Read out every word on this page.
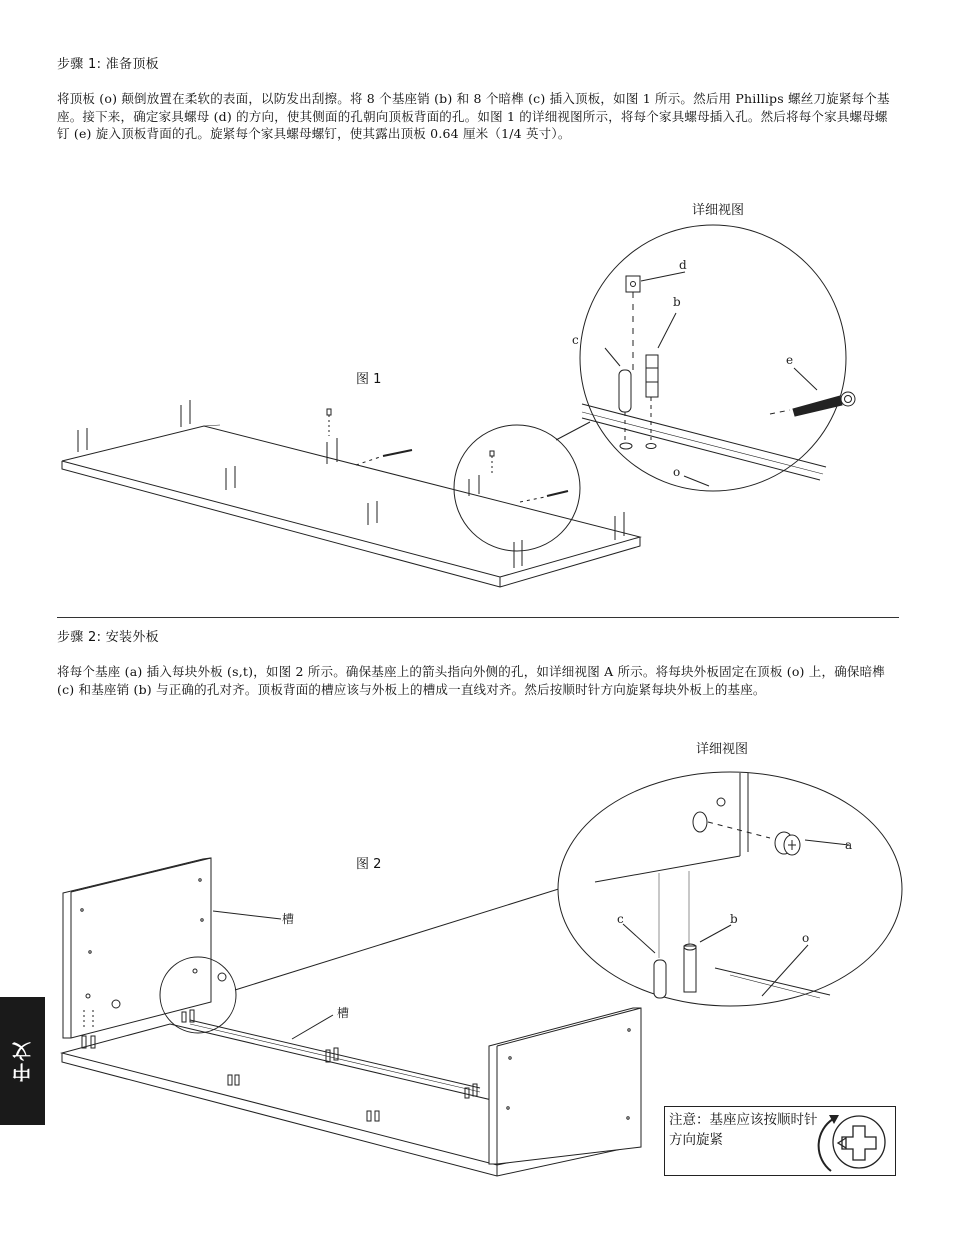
步骤 1: 准备顶板

将顶板 (o) 颠倒放置在柔软的表面，以防发出刮擦。将 8 个基座销 (b) 和 8 个暗榫 (c) 插入顶板，如图 1 所示。然后用 Phillips 螺丝刀旋紧每个基座。接下来，确定家具螺母 (d) 的方向，使其侧面的孔朝向顶板背面的孔。如图 1 的详细视图所示，将每个家具螺母插入孔。然后将每个家具螺母螺钉 (e) 旋入顶板背面的孔。旋紧每个家具螺母螺钉，使其露出顶板 0.64 厘米（1/4 英寸）。

详细视图
图 1
d
b
c
e
o
步骤 2: 安装外板

将每个基座 (a) 插入每块外板 (s,t)，如图 2 所示。确保基座上的箭头指向外侧的孔，如详细视图 A 所示。将每块外板固定在顶板 (o) 上，确保暗榫 (c) 和基座销 (b) 与正确的孔对齐。顶板背面的槽应该与外板上的槽成一直线对齐。然后按顺时针方向旋紧每块外板上的基座。

详细视图
图 2
槽
槽
a
c	b
o
注意：基座应该按顺时针方向旋紧
中文
